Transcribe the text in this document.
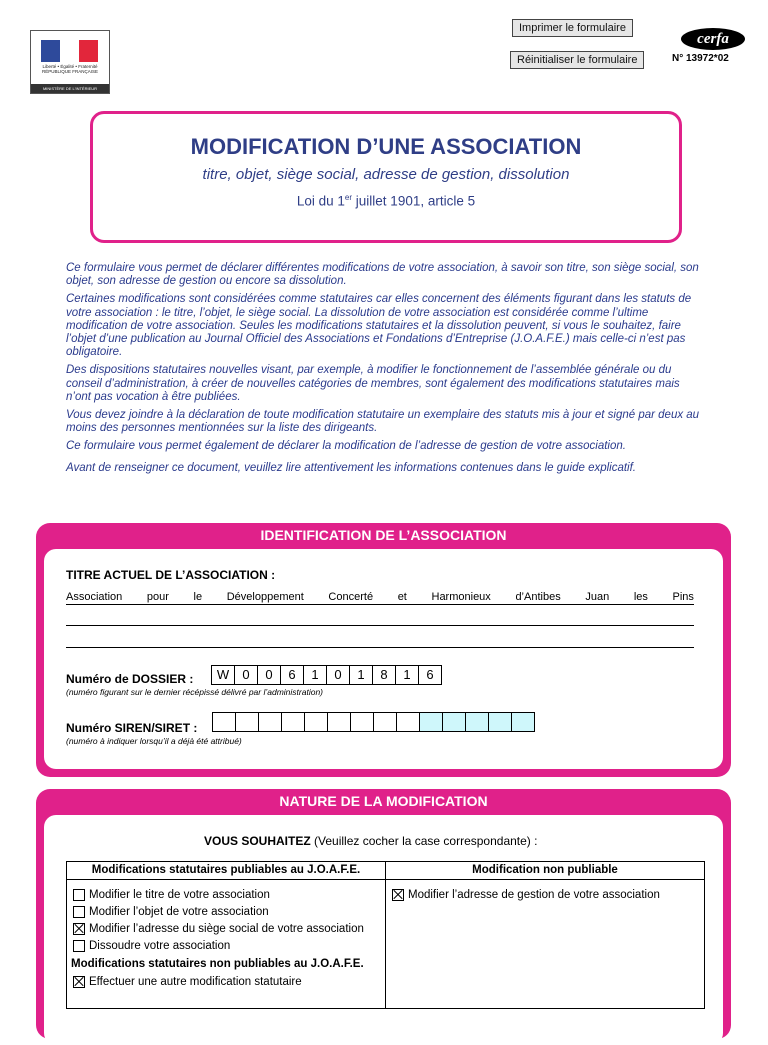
Liberté • Égalité • Fraternité RÉPUBLIQUE FRANÇAISE
MINISTÈRE DE L'INTÉRIEUR
Imprimer le formulaire
Réinitialiser le formulaire
cerfa
N° 13972*02
MODIFICATION D’UNE ASSOCIATION
titre, objet, siège social, adresse de gestion, dissolution
Loi du 1er juillet 1901, article 5

Ce formulaire vous permet de déclarer différentes modifications de votre association, à savoir son titre, son siège social, son objet, son adresse de gestion ou encore sa dissolution.

Certaines modifications sont considérées comme statutaires car elles concernent des éléments figurant dans les statuts de votre association : le titre, l’objet, le siège social. La dissolution de votre association est considérée comme l’ultime modification de votre association. Seules les modifications statutaires et la dissolution peuvent, si vous le souhaitez, faire l’objet d’une publication au Journal Officiel des Associations et Fondations d’Entreprise (J.O.A.F.E.) mais celle-ci n’est pas obligatoire.

Des dispositions statutaires nouvelles visant, par exemple, à modifier le fonctionnement de l’assemblée générale ou du conseil d’administration, à créer de nouvelles catégories de membres, sont également des modifications statutaires mais n’ont pas vocation à être publiées.

Vous devez joindre à la déclaration de toute modification statutaire un exemplaire des statuts mis à jour et signé par deux au moins des personnes mentionnées sur la liste des dirigeants.

Ce formulaire vous permet également de déclarer la modification de l’adresse de gestion de votre association.

Avant de renseigner ce document, veuillez lire attentivement les informations contenues dans le guide explicatif.

IDENTIFICATION DE L’ASSOCIATION
TITRE ACTUEL DE L’ASSOCIATION :
Association pour le Développement Concerté et Harmonieux d’Antibes Juan les Pins
Numéro de DOSSIER :	W	0	0	6	1	0	1	8	1	6
(numéro figurant sur le dernier récépissé délivré par l’administration)
Numéro SIREN/SIRET :
(numéro à indiquer lorsqu’il a déjà été attribué)
NATURE DE LA MODIFICATION
VOUS SOUHAITEZ (Veuillez cocher la case correspondante) :
Modifications statutaires publiables au J.O.A.F.E.
Modifier le titre de votre association
Modifier l’objet de votre association
Modifier l’adresse du siège social de votre association
Dissoudre votre association
Modifications statutaires non publiables au J.O.A.F.E.
Effectuer une autre modification statutaire
Modification non publiable
Modifier l’adresse de gestion de votre association
